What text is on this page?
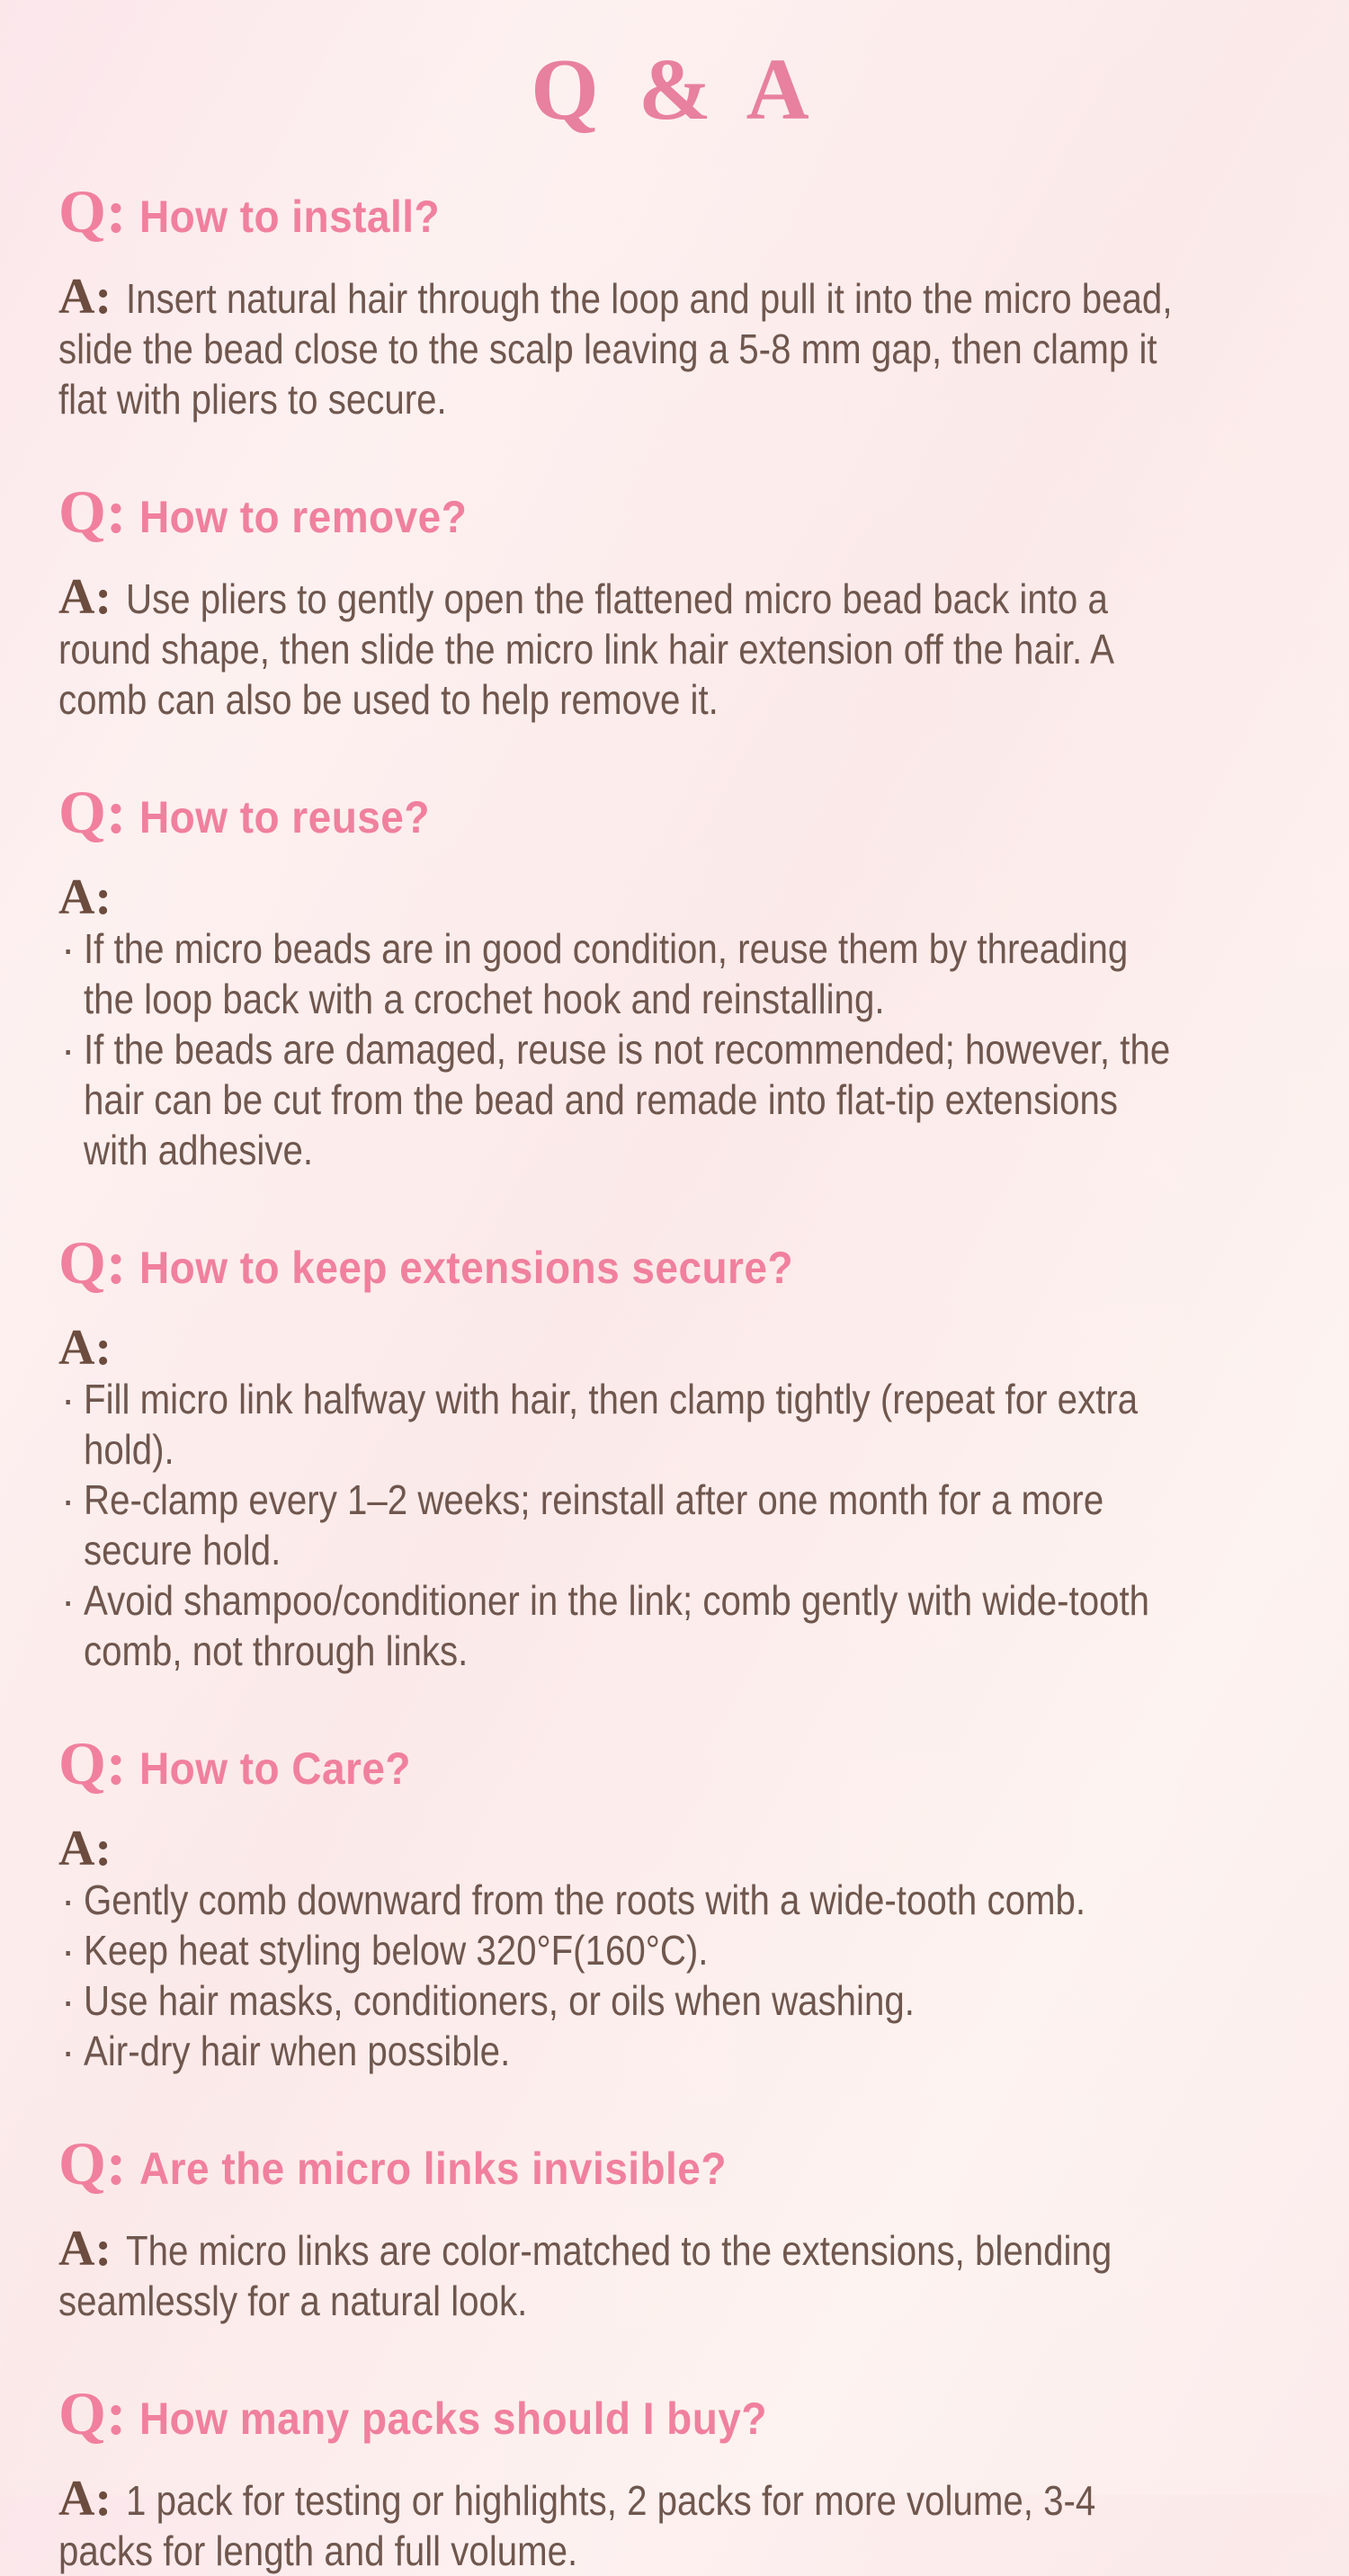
Q & A
Q: How to install?

A: Insert natural hair through the loop and pull it into the micro bead,
slide the bead close to the scalp leaving a 5-8 mm gap, then clamp it
flat with pliers to secure.

Q: How to remove?

A: Use pliers to gently open the flattened micro bead back into a
round shape, then slide the micro link hair extension off the hair. A
comb can also be used to help remove it.

Q: How to reuse?
A:
· If the micro beads are in good condition, reuse them by threading
the loop back with a crochet hook and reinstalling.
· If the beads are damaged, reuse is not recommended; however, the
hair can be cut from the bead and remade into flat-tip extensions
with adhesive.
Q: How to keep extensions secure?
A:
· Fill micro link halfway with hair, then clamp tightly (repeat for extra
hold).
· Re-clamp every 1–2 weeks; reinstall after one month for a more
secure hold.
· Avoid shampoo/conditioner in the link; comb gently with wide-tooth
comb, not through links.
Q: How to Care?
A:
· Gently comb downward from the roots with a wide-tooth comb.
· Keep heat styling below 320°F(160°C).
· Use hair masks, conditioners, or oils when washing.
· Air-dry hair when possible.
Q: Are the micro links invisible?

A: The micro links are color-matched to the extensions, blending
seamlessly for a natural look.

Q: How many packs should I buy?

A: 1 pack for testing or highlights, 2 packs for more volume, 3-4
packs for length and full volume.
